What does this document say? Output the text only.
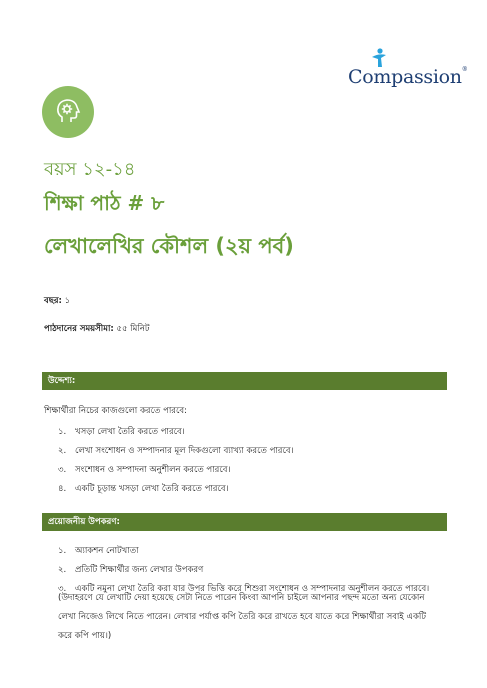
Compassion®
বয়স ১২-১৪
শিক্ষা পাঠ # ৮
লেখালেখির কৌশল (২য় পর্ব)
বছর: ১
পাঠদানের সময়সীমা: ৫৫ মিনিট
উদ্দেশ্য:
শিক্ষার্থীরা নিচের কাজগুলো করতে পারবে:
১.	খসড়া লেখা তৈরি করতে পারবে।
২.	লেখা সংশোধন ও সম্পাদনার মূল দিকগুলো ব্যাখ্যা করতে পারবে।
৩.	সংশোধন ও সম্পাদনা অনুশীলন করতে পারবে।
৪.	একটি চূড়ান্ত খসড়া লেখা তৈরি করতে পারবে।
প্রয়োজনীয় উপকরণ:
১.	অ্যাকশন নোটখাতা
২.	প্রতিটি শিক্ষার্থীর জন্য লেখার উপকরণ
৩.	একটি নমুনা লেখা তৈরি করা যার উপর ভিত্তি করে শিশুরা সংশোধন ও সম্পাদনার অনুশীলন করতে পারবে।
(উদাহরণে যে লেখাটি দেয়া হয়েছে সেটা নিতে পারেন কিংবা আপনি চাইলে আপনার পছন্দ মতো অন্য যেকোন লেখা নিজেও লিখে নিতে পারেন। লেখার পর্যাপ্ত কপি তৈরি করে রাখতে হবে যাতে করে শিক্ষার্থীরা সবাই একটি করে কপি পায়।)
